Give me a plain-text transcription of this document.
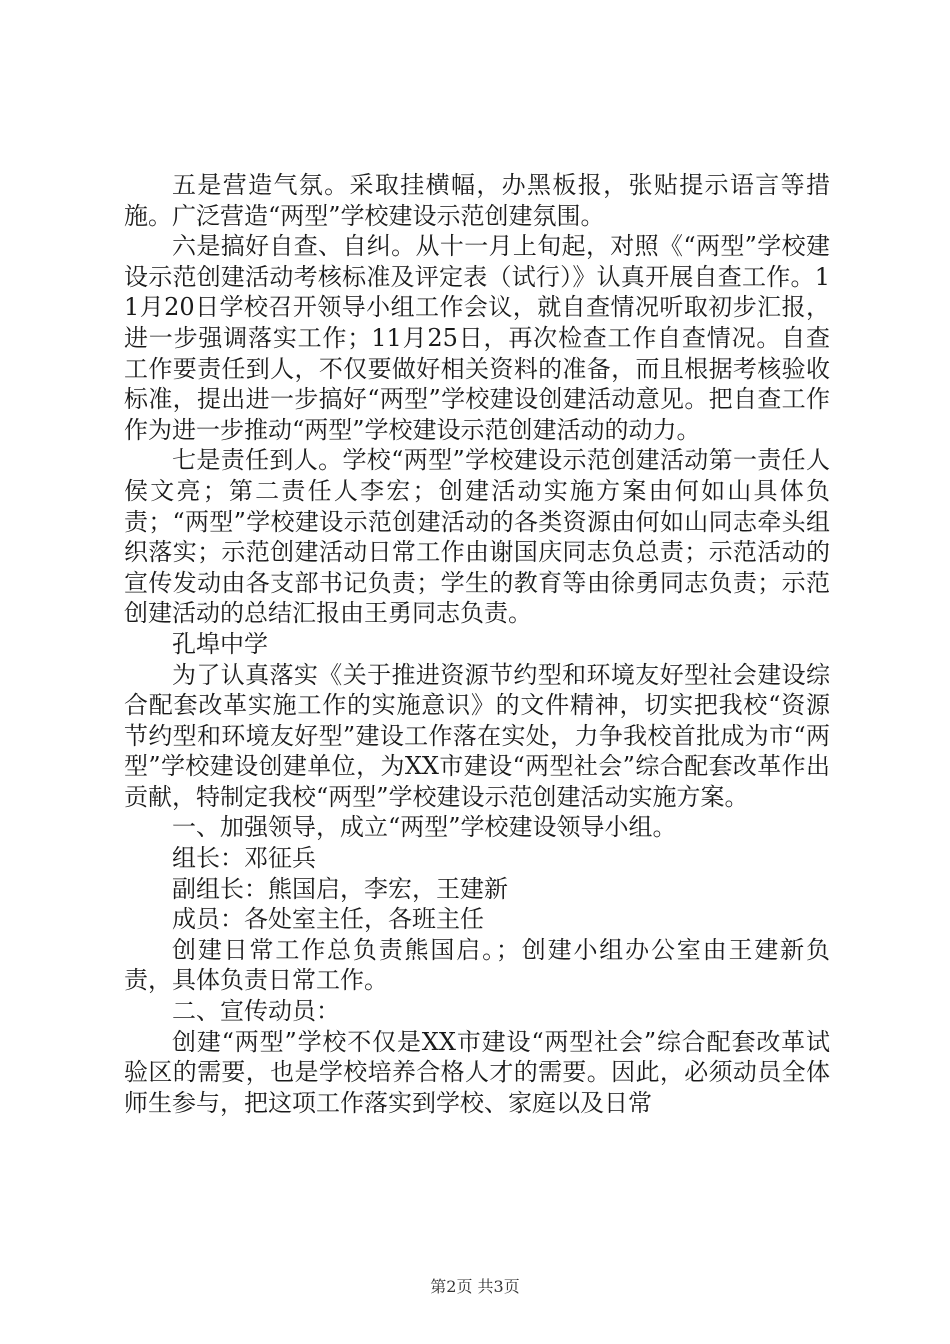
五是营造气氛。采取挂横幅，办黑板报，张贴提示语言等措施。广泛营造“两型”学校建设示范创建氛围。

六是搞好自查、自纠。从十一月上旬起，对照《“两型”学校建设示范创建活动考核标准及评定表（试行）》认真开展自查工作。11月20日学校召开领导小组工作会议，就自查情况听取初步汇报，进一步强调落实工作；11月25日，再次检查工作自查情况。自查工作要责任到人，不仅要做好相关资料的准备，而且根据考核验收标准，提出进一步搞好“两型”学校建设创建活动意见。把自查工作作为进一步推动“两型”学校建设示范创建活动的动力。

七是责任到人。学校“两型”学校建设示范创建活动第一责任人侯文亮；第二责任人李宏；创建活动实施方案由何如山具体负责；“两型”学校建设示范创建活动的各类资源由何如山同志牵头组织落实；示范创建活动日常工作由谢国庆同志负总责；示范活动的宣传发动由各支部书记负责；学生的教育等由徐勇同志负责；示范创建活动的总结汇报由王勇同志负责。

孔埠中学

为了认真落实《关于推进资源节约型和环境友好型社会建设综合配套改革实施工作的实施意识》的文件精神，切实把我校“资源节约型和环境友好型”建设工作落在实处，力争我校首批成为市“两型”学校建设创建单位，为XX市建设“两型社会”综合配套改革作出贡献，特制定我校“两型”学校建设示范创建活动实施方案。

一、加强领导，成立“两型”学校建设领导小组。

组长：邓征兵

副组长：熊国启，李宏，王建新

成员：各处室主任，各班主任

创建日常工作总负责熊国启。；创建小组办公室由王建新负责，具体负责日常工作。

二、宣传动员：

创建“两型”学校不仅是XX市建设“两型社会”综合配套改革试验区的需要，也是学校培养合格人才的需要。因此，必须动员全体师生参与，把这项工作落实到学校、家庭以及日常

第2页 共3页
